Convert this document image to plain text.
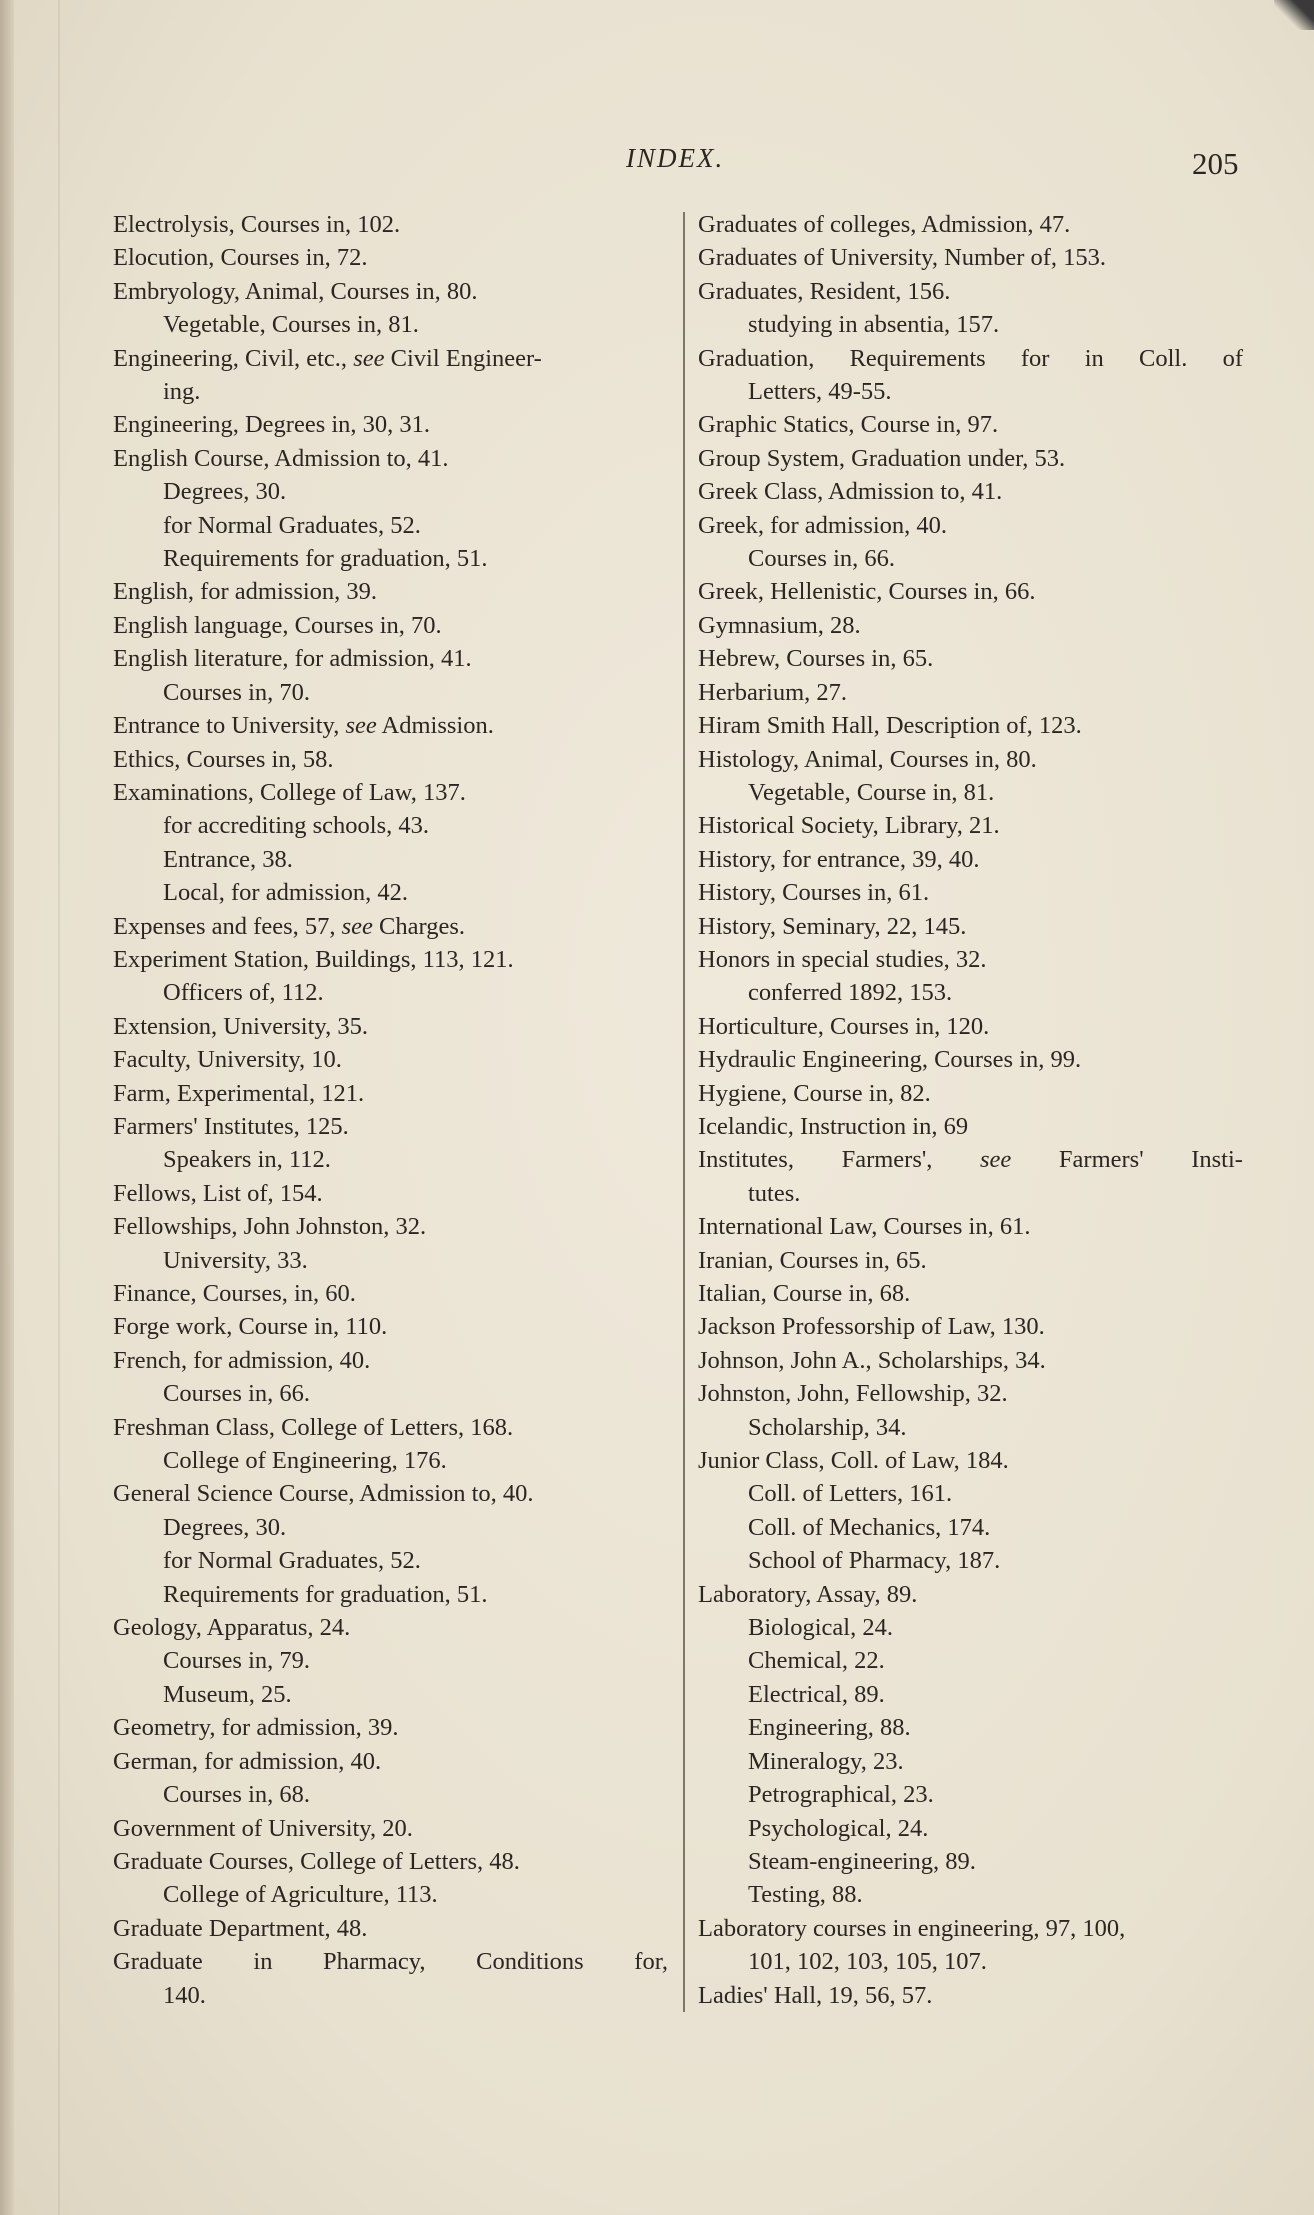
INDEX.	205
Electrolysis, Courses in, 102.
Elocution, Courses in, 72.
Embryology, Animal, Courses in, 80.
Vegetable, Courses in, 81.
Engineering, Civil, etc., see Civil Engineer-
ing.
Engineering, Degrees in, 30, 31.
English Course, Admission to, 41.
Degrees, 30.
for Normal Graduates, 52.
Requirements for graduation, 51.
English, for admission, 39.
English language, Courses in, 70.
English literature, for admission, 41.
Courses in, 70.
Entrance to University, see Admission.
Ethics, Courses in, 58.
Examinations, College of Law, 137.
for accrediting schools, 43.
Entrance, 38.
Local, for admission, 42.
Expenses and fees, 57, see Charges.
Experiment Station, Buildings, 113, 121.
Officers of, 112.
Extension, University, 35.
Faculty, University, 10.
Farm, Experimental, 121.
Farmers' Institutes, 125.
Speakers in, 112.
Fellows, List of, 154.
Fellowships, John Johnston, 32.
University, 33.
Finance, Courses, in, 60.
Forge work, Course in, 110.
French, for admission, 40.
Courses in, 66.
Freshman Class, College of Letters, 168.
College of Engineering, 176.
General Science Course, Admission to, 40.
Degrees, 30.
for Normal Graduates, 52.
Requirements for graduation, 51.
Geology, Apparatus, 24.
Courses in, 79.
Museum, 25.
Geometry, for admission, 39.
German, for admission, 40.
Courses in, 68.
Government of University, 20.
Graduate Courses, College of Letters, 48.
College of Agriculture, 113.
Graduate Department, 48.
Graduate in Pharmacy, Conditions for,
140.
Graduates of colleges, Admission, 47.
Graduates of University, Number of, 153.
Graduates, Resident, 156.
studying in absentia, 157.
Graduation, Requirements for in Coll. of
Letters, 49-55.
Graphic Statics, Course in, 97.
Group System, Graduation under, 53.
Greek Class, Admission to, 41.
Greek, for admission, 40.
Courses in, 66.
Greek, Hellenistic, Courses in, 66.
Gymnasium, 28.
Hebrew, Courses in, 65.
Herbarium, 27.
Hiram Smith Hall, Description of, 123.
Histology, Animal, Courses in, 80.
Vegetable, Course in, 81.
Historical Society, Library, 21.
History, for entrance, 39, 40.
History, Courses in, 61.
History, Seminary, 22, 145.
Honors in special studies, 32.
conferred 1892, 153.
Horticulture, Courses in, 120.
Hydraulic Engineering, Courses in, 99.
Hygiene, Course in, 82.
Icelandic, Instruction in, 69
Institutes, Farmers', see Farmers' Insti-
tutes.
International Law, Courses in, 61.
Iranian, Courses in, 65.
Italian, Course in, 68.
Jackson Professorship of Law, 130.
Johnson, John A., Scholarships, 34.
Johnston, John, Fellowship, 32.
Scholarship, 34.
Junior Class, Coll. of Law, 184.
Coll. of Letters, 161.
Coll. of Mechanics, 174.
School of Pharmacy, 187.
Laboratory, Assay, 89.
Biological, 24.
Chemical, 22.
Electrical, 89.
Engineering, 88.
Mineralogy, 23.
Petrographical, 23.
Psychological, 24.
Steam-engineering, 89.
Testing, 88.
Laboratory courses in engineering, 97, 100,
101, 102, 103, 105, 107.
Ladies' Hall, 19, 56, 57.
